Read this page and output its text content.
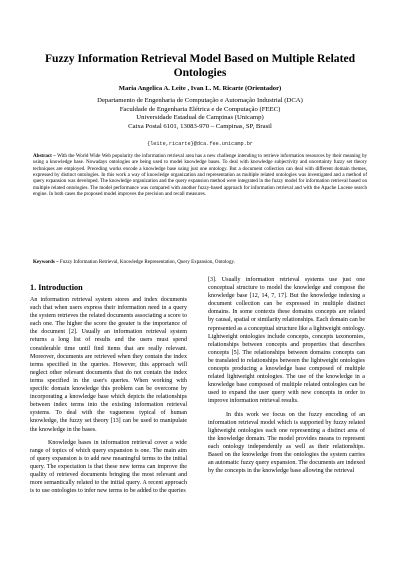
Fuzzy Information Retrieval Model Based on Multiple Related Ontologies
Maria Angelica A. Leite , Ivan L. M. Ricarte (Orientador)
Departamento de Engenharia de Computação e Automação Industrial (DCA)
Faculdade de Engenharia Elétrica e de Computação (FEEC)
Universidade Estadual de Campinas (Unicamp)
Caixa Postal 6101, 13083-970 – Campinas, SP, Brasil
{leite,ricarte}@dca.fee.unicamp.br
Abstract – With the World Wide Web popularity the information retrieval area has a new challenge intending to retrieve information resources by their meaning by using a knowledge base. Nowadays ontologies are being used to model knowledge bases. To deal with knowledge subjectivity and uncertainty fuzzy set theory techniques are employed. Preceding works encode a knowledge base using just one ontology. But a document collection can deal with different domain themes, expressed by distinct ontologies. In this work a way of knowledge organization and representation as multiple related ontologies was investigated and a method of query expansion was developed. The knowledge organization and the query expansion method were integrated in the fuzzy model for information retrieval based on multiple related ontologies. The model performance was compared with another fuzzy-based approach for information retrieval and with the Apache Lucene search engine. In both cases the proposed model improves the precision and recall measures.
Keywords – Fuzzy Information Retrieval, Knowledge Representation, Query Expansion, Ontology.
1. Introduction

An information retrieval system stores and index documents such that when users express their information need in a query the system retrieves the related documents associating a score to each one. The higher the score the greater is the importance of the document [2]. Usually an information retrieval system returns a long list of results and the users must spend considerable time until find items that are really relevant. Moreover, documents are retrieved when they contain the index terms specified in the queries. However, this approach will neglect other relevant documents that do not contain the index terms specified in the user's queries. When working with specific domain knowledge this problem can be overcome by incorporating a knowledge base which depicts the relationships between index terms into the existing information retrieval systems. To deal with the vagueness typical of human knowledge, the fuzzy set theory [13] can be used to manipulate the knowledge in the bases.

Knowledge bases in information retrieval cover a wide range of topics of which query expansion is one. The main aim of query expansion is to add new meaningful terms to the initial query. The expectation is that these new terms can improve the quality of retrieved documents bringing the most relevant and more semantically related to the initial query. A recent approach is to use ontologies to infer new terms to be added to the queries

[3]. Usually information retrieval systems use just one conceptual structure to model the knowledge and compose the knowledge base [12, 14, 7, 17]. But the knowledge indexing a document collection can be expressed in multiple distinct domains. In some contexts these domains concepts are related by causal, spatial or similarity relationships. Each domain can be represented as a conceptual structure like a lightweight ontology. Lightweight ontologies include concepts, concepts taxonomies, relationships between concepts and properties that describes concepts [5]. The relationships between domains concepts can be translated to relationships between the lightweight ontologies concepts producing a knowledge base composed of multiple related lightweight ontologies. The use of the knowledge in a knowledge base composed of multiple related ontologies can be used to expand the user query with new concepts in order to improve information retrieval results.

In this work we focus on the fuzzy encoding of an information retrieval model which is supported by fuzzy related lightweight ontologies each one representing a distinct area of the knowledge domain. The model provides means to represent each ontology independently as well as their relationships. Based on the knowledge from the ontologies the system carries an automatic fuzzy query expansion. The documents are indexed by the concepts in the knowledge base allowing the retrieval
